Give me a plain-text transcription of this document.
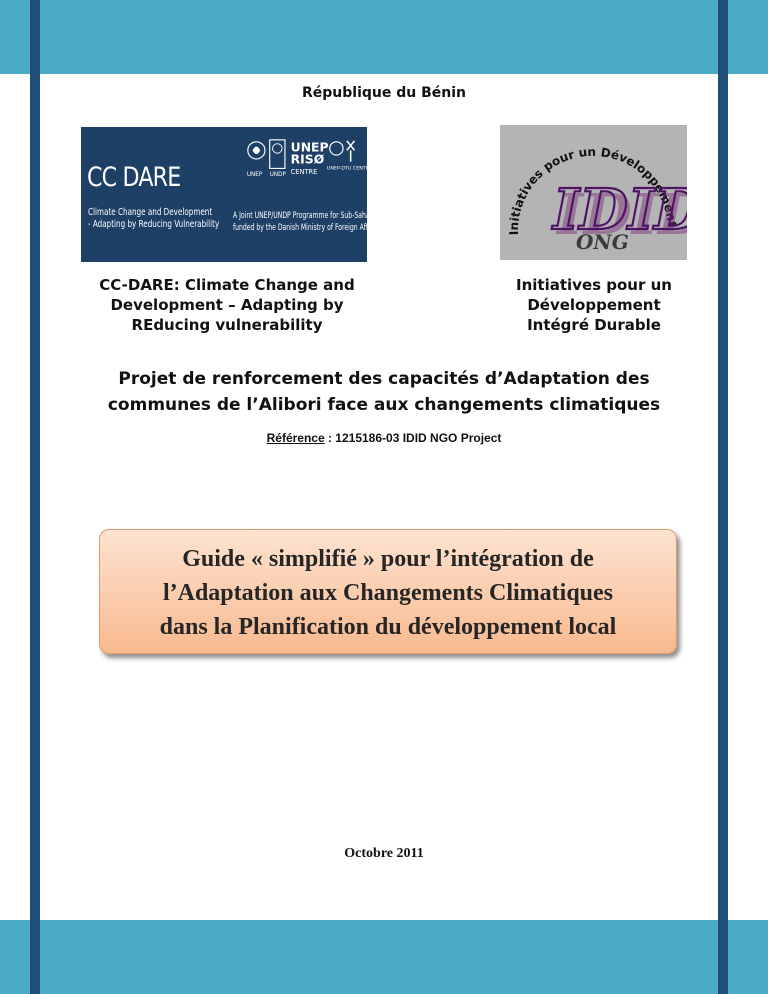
République du Bénin
CC DARE
Climate Change and Development
- Adapting by Reducing Vulnerability
UNEP
RISØ
CENTRE
UNEP UNDP
UNEP-DTU CENTRE
A Joint UNEP/UNDP Programme for Sub-Saharan Africa
funded by the Danish Ministry of Foreign Affairs	Initiatives pour un Développement
IDI
IDI
ONG
CC-DARE: Climate Change and
Development – Adapting by
REducing vulnerability
Initiatives pour un
Développement
Intégré Durable
Projet de renforcement des capacités d’Adaptation des
communes de l’Alibori face aux changements climatiques
Référence : 1215186-03 IDID NGO Project
Guide « simplifié » pour l’intégration de
l’Adaptation aux Changements Climatiques
dans la Planification du développement local
Octobre 2011
